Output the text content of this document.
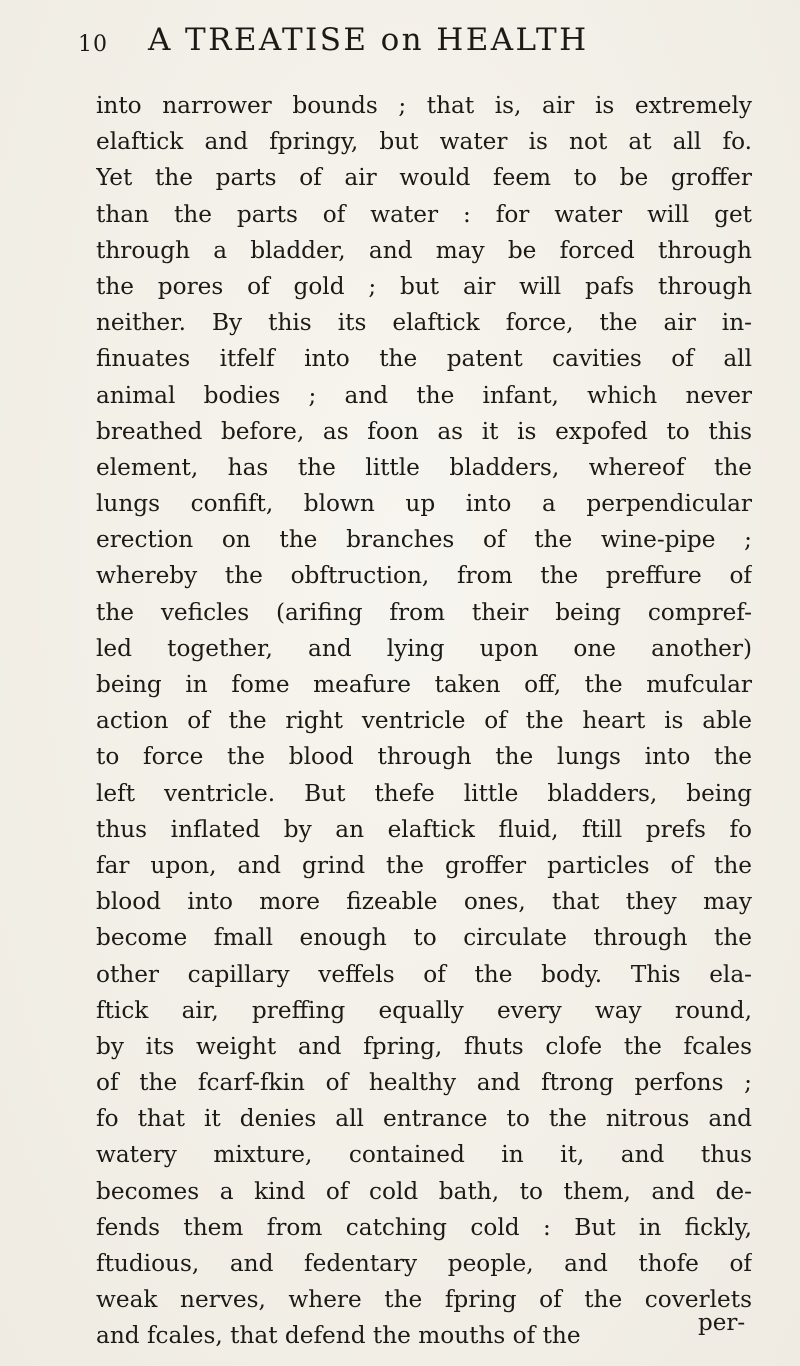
10 A TREATISE on HEALTH
into narrower bounds ; that is, air is extremely
elaftick and fpringy, but water is not at all fo.
Yet the parts of air would feem to be groffer
than the parts of water : for water will get
through a bladder, and may be forced through
the pores of gold ; but air will pafs through
neither. By this its elaftick force, the air in-
finuates itfelf into the patent cavities of all
animal bodies ; and the infant, which never
breathed before, as foon as it is expofed to this
element, has the little bladders, whereof the
lungs confift, blown up into a perpendicular
erection on the branches of the wine-pipe ;
whereby the obftruction, from the preffure of
the veficles (arifing from their being compref-
led together, and lying upon one another)
being in fome meafure taken off, the mufcular
action of the right ventricle of the heart is able
to force the blood through the lungs into the
left ventricle. But thefe little bladders, being
thus inflated by an elaftick fluid, ftill prefs fo
far upon, and grind the groffer particles of the
blood into more fizeable ones, that they may
become fmall enough to circulate through the
other capillary veffels of the body. This ela-
ftick air, preffing equally every way round,
by its weight and fpring, fhuts clofe the fcales
of the fcarf-fkin of healthy and ftrong perfons ;
fo that it denies all entrance to the nitrous and
watery mixture, contained in it, and thus
becomes a kind of cold bath, to them, and de-
fends them from catching cold : But in fickly,
ftudious, and fedentary people, and thofe of
weak nerves, where the fpring of the coverlets
and fcales, that defend the mouths of the	per-
